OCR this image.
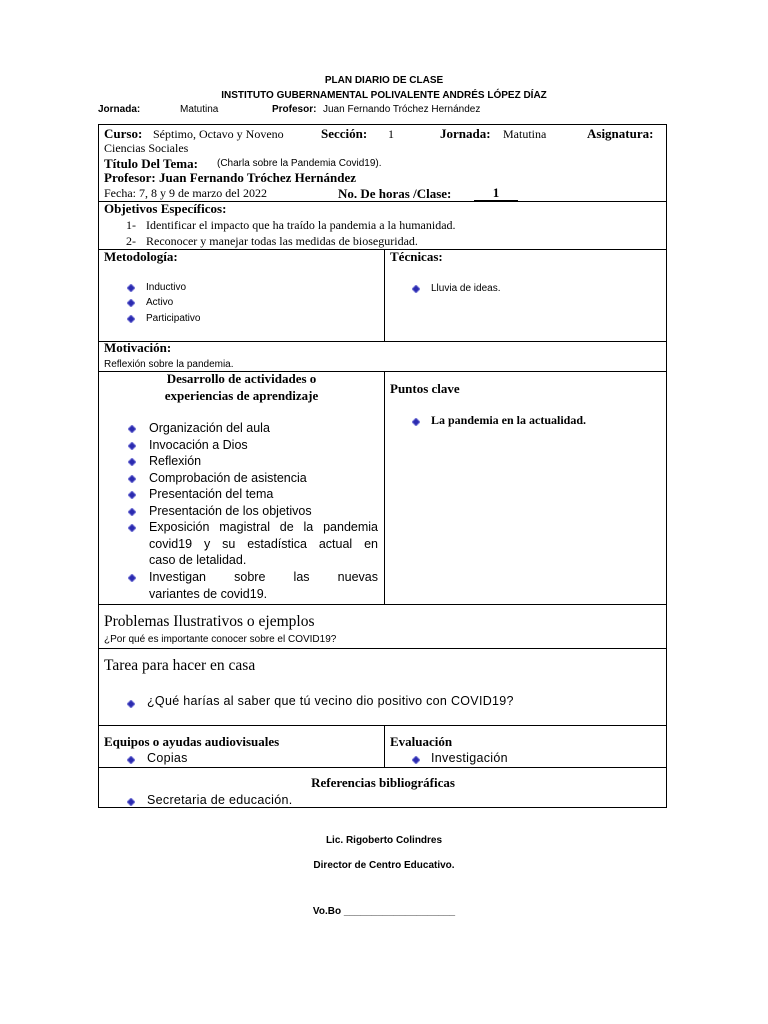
PLAN DIARIO DE CLASE
INSTITUTO GUBERNAMENTAL POLIVALENTE ANDRÉS LÓPEZ DÍAZ
Jornada:	Matutina	Profesor: Juan Fernando Tróchez Hernández
Curso: Séptimo, Octavo y Noveno	Sección: 1	Jornada: Matutina	Asignatura:
Ciencias Sociales
Título Del Tema: (Charla sobre la Pandemia Covid19).
Profesor: Juan Fernando Tróchez Hernández
Fecha: 7, 8 y 9 de marzo del 2022	No. De horas /Clase:	1
Objetivos Específicos:
1- Identificar el impacto que ha traído la pandemia a la humanidad.
2- Reconocer y manejar todas las medidas de bioseguridad.
Metodología:	Técnicas:
Inductivo
Activo
Participativo
Lluvia de ideas.
Motivación:
Reflexión sobre la pandemia.
Desarrollo de actividades o
experiencias de aprendizaje
Organización del aula
Invocación a Dios
Reflexión
Comprobación de asistencia
Presentación del tema
Presentación de los objetivos
Exposición magistral de la pandemia
covid19 y su estadística actual en
caso de letalidad.
Investigan sobre las nuevas
variantes de covid19.
Puntos clave
La pandemia en la actualidad.
Problemas Ilustrativos o ejemplos
¿Por qué es importante conocer sobre el COVID19?
Tarea para hacer en casa
¿Qué harías al saber que tú vecino dio positivo con COVID19?
Equipos o ayudas audiovisuales
Copias
Evaluación
Investigación
Referencias bibliográficas
Secretaria de educación.
Lic. Rigoberto Colindres
Director de Centro Educativo.
Vo.Bo ____________________
